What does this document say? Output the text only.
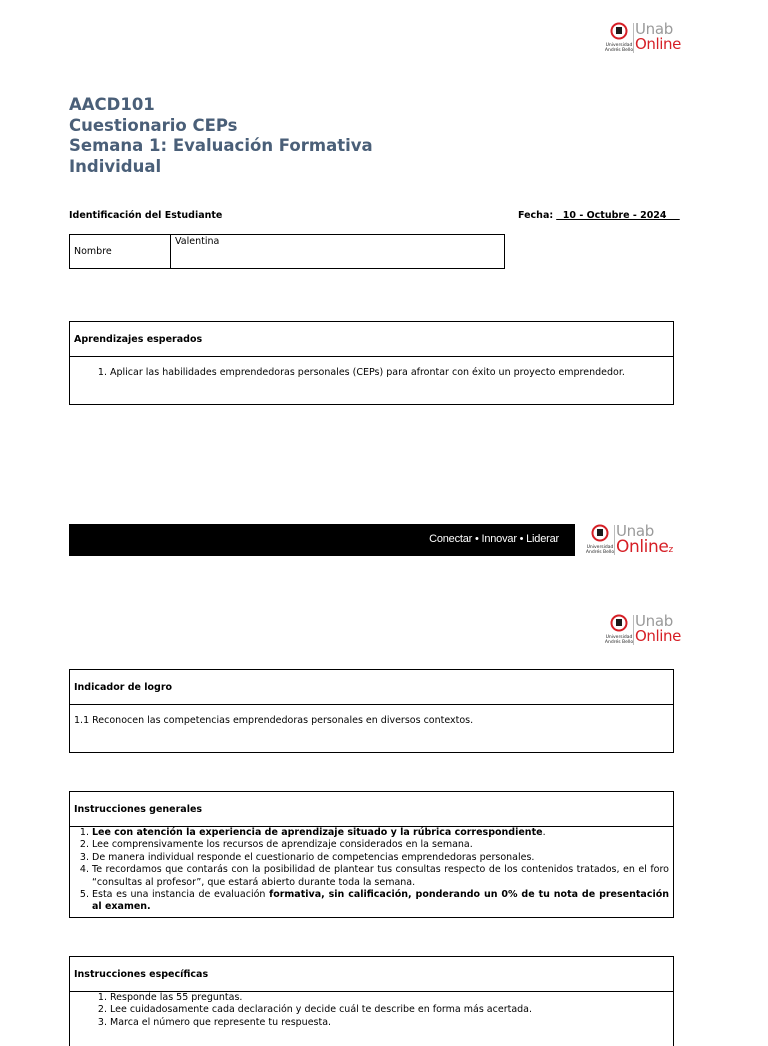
Universidad
Andrés Bello
Unab
Online
AACD101
Cuestionario CEPs
Semana 1: Evaluación Formativa
Individual
Identificación del Estudiante	Fecha:   10 - Octubre - 2024
Nombre	Valentina
Aprendizajes esperados
1. Aplicar las habilidades emprendedoras personales (CEPs) para afrontar con éxito un proyecto emprendedor.
Conectar • Innovar • Liderar
Universidad
Andrés Bello
Unab
Onlinez
Universidad
Andrés Bello
Unab
Online
Indicador de logro
1.1 Reconocen las competencias emprendedoras personales en diversos contextos.
Instrucciones generales
1. Lee con atención la experiencia de aprendizaje situado y la rúbrica correspondiente.
2. Lee comprensivamente los recursos de aprendizaje considerados en la semana.
3. De manera individual responde el cuestionario de competencias emprendedoras personales.
4. Te recordamos que contarás con la posibilidad de plantear tus consultas respecto de los contenidos tratados, en el foro “consultas al profesor”, que estará abierto durante toda la semana.
5. Esta es una instancia de evaluación formativa, sin calificación, ponderando un 0% de tu nota de presentación al examen.
Instrucciones específicas
1. Responde las 55 preguntas.
2. Lee cuidadosamente cada declaración y decide cuál te describe en forma más acertada.
3. Marca el número que represente tu respuesta.
